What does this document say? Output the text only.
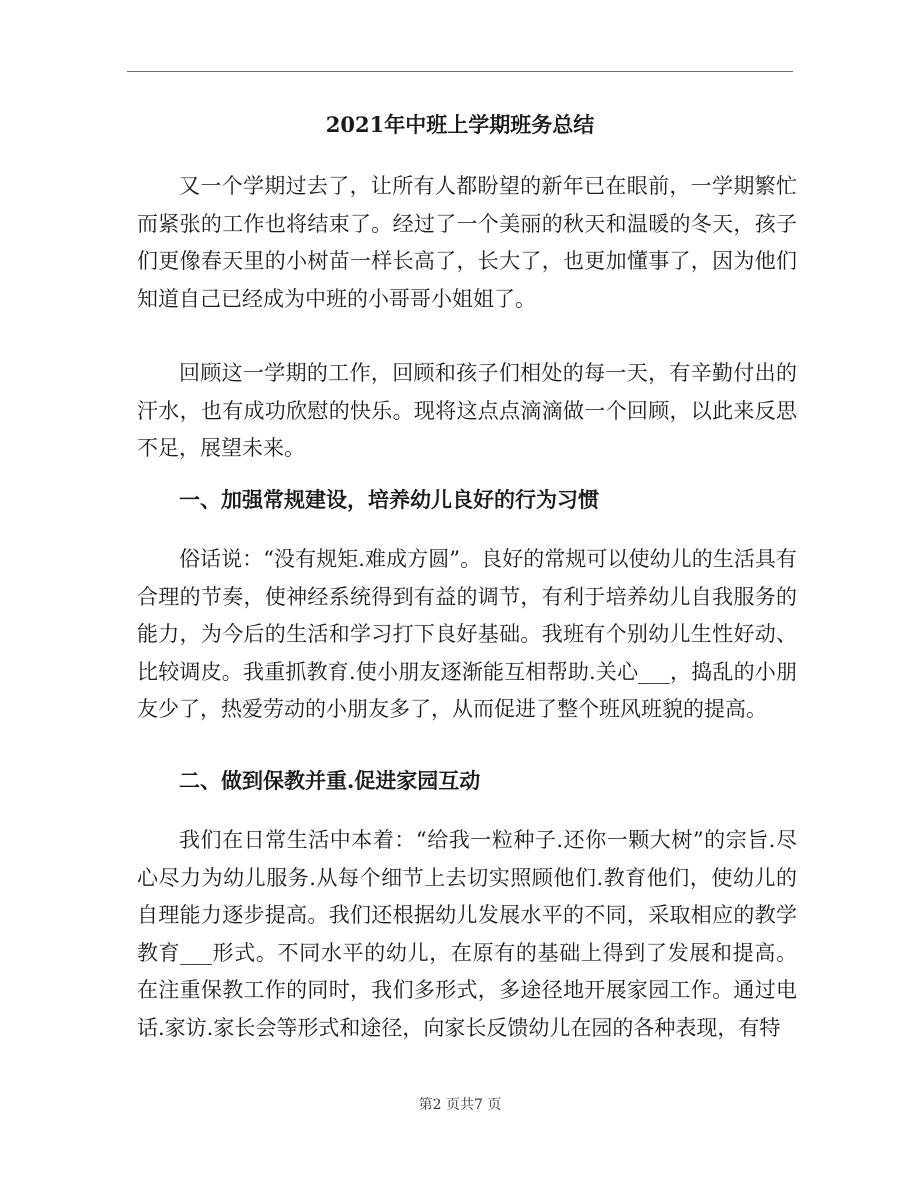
2021年中班上学期班务总结

又一个学期过去了，让所有人都盼望的新年已在眼前，一学期繁忙而紧张的工作也将结束了。经过了一个美丽的秋天和温暖的冬天，孩子们更像春天里的小树苗一样长高了，长大了，也更加懂事了，因为他们知道自己已经成为中班的小哥哥小姐姐了。

回顾这一学期的工作，回顾和孩子们相处的每一天，有辛勤付出的汗水，也有成功欣慰的快乐。现将这点点滴滴做一个回顾，以此来反思不足，展望未来。

一、加强常规建设，培养幼儿良好的行为习惯

俗话说：“没有规矩.难成方圆”。良好的常规可以使幼儿的生活具有合理的节奏，使神经系统得到有益的调节，有利于培养幼儿自我服务的能力，为今后的生活和学习打下良好基础。我班有个别幼儿生性好动、比较调皮。我重抓教育.使小朋友逐渐能互相帮助.关心___，捣乱的小朋友少了，热爱劳动的小朋友多了，从而促进了整个班风班貌的提高。

二、做到保教并重.促进家园互动

我们在日常生活中本着：“给我一粒种子.还你一颗大树”的宗旨.尽心尽力为幼儿服务.从每个细节上去切实照顾他们.教育他们，使幼儿的自理能力逐步提高。我们还根据幼儿发展水平的不同，采取相应的教学教育___形式。不同水平的幼儿，在原有的基础上得到了发展和提高。在注重保教工作的同时，我们多形式，多途径地开展家园工作。通过电话.家访.家长会等形式和途径，向家长反馈幼儿在园的各种表现，有特

第2 页共7 页
